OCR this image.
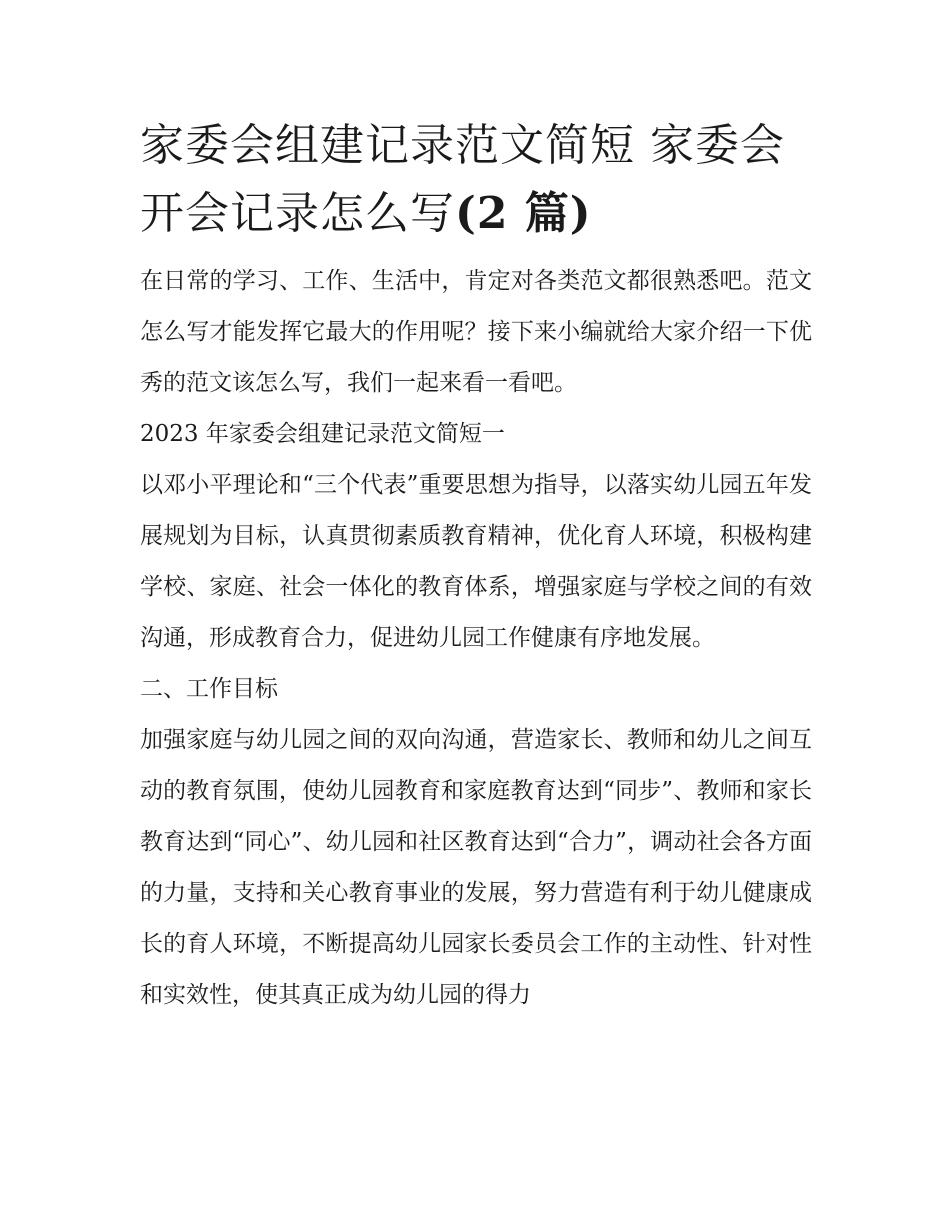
家委会组建记录范文简短 家委会开会记录怎么写(2 篇)

在日常的学习、工作、生活中，肯定对各类范文都很熟悉吧。范文怎么写才能发挥它最大的作用呢？接下来小编就给大家介绍一下优秀的范文该怎么写，我们一起来看一看吧。

2023 年家委会组建记录范文简短一

以邓小平理论和“三个代表”重要思想为指导，以落实幼儿园五年发展规划为目标，认真贯彻素质教育精神，优化育人环境，积极构建学校、家庭、社会一体化的教育体系，增强家庭与学校之间的有效沟通，形成教育合力，促进幼儿园工作健康有序地发展。

二、工作目标

加强家庭与幼儿园之间的双向沟通，营造家长、教师和幼儿之间互动的教育氛围，使幼儿园教育和家庭教育达到“同步”、教师和家长教育达到“同心”、幼儿园和社区教育达到“合力”，调动社会各方面的力量，支持和关心教育事业的发展，努力营造有利于幼儿健康成长的育人环境，不断提高幼儿园家长委员会工作的主动性、针对性和实效性，使其真正成为幼儿园的得力
